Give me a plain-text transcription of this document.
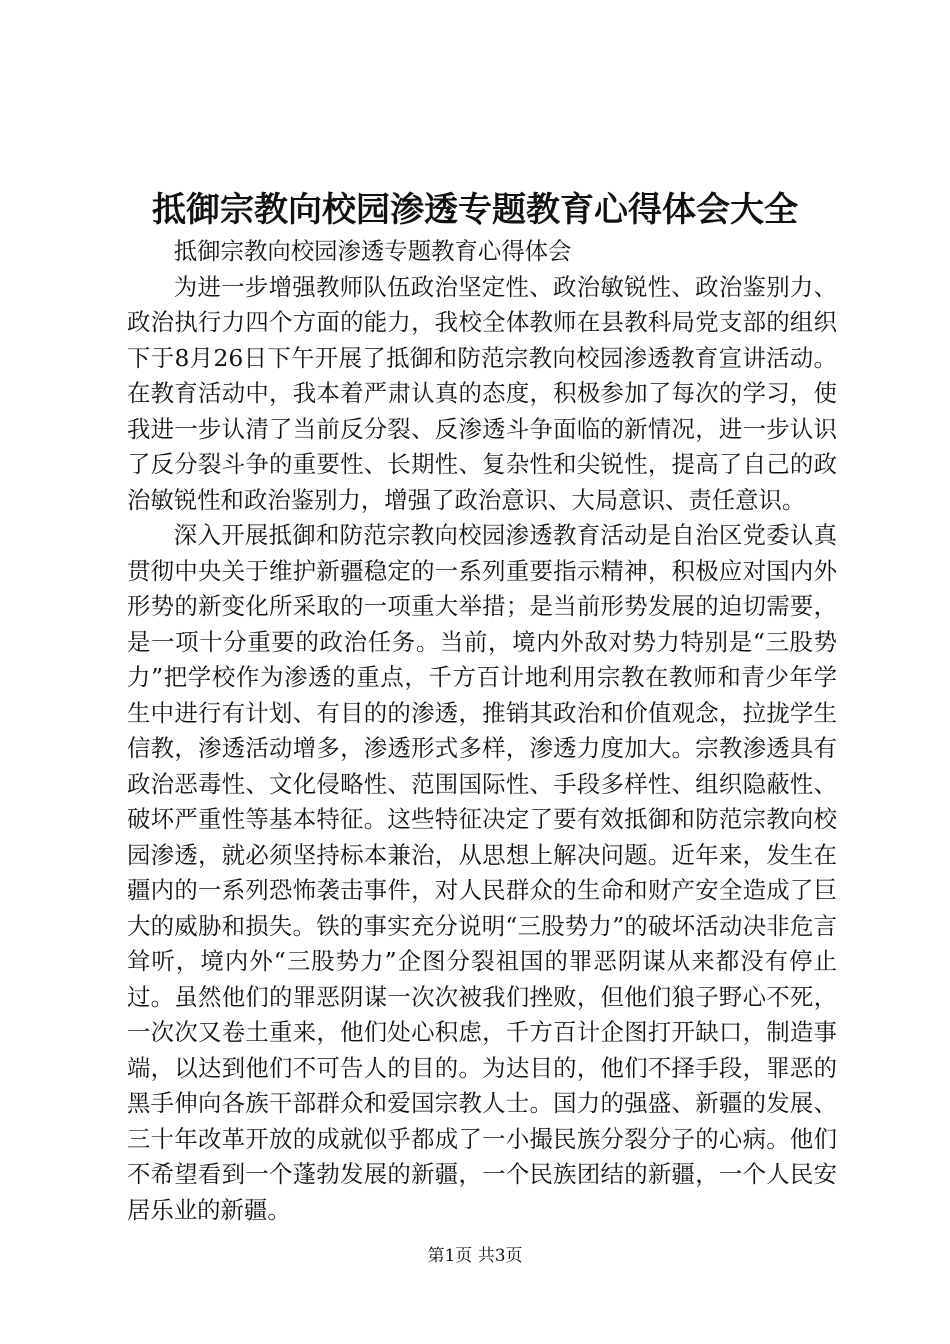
抵御宗教向校园渗透专题教育心得体会大全

抵御宗教向校园渗透专题教育心得体会

为进一步增强教师队伍政治坚定性、政治敏锐性、政治鉴别力、政治执行力四个方面的能力，我校全体教师在县教科局党支部的组织下于8月26日下午开展了抵御和防范宗教向校园渗透教育宣讲活动。在教育活动中，我本着严肃认真的态度，积极参加了每次的学习，使我进一步认清了当前反分裂、反渗透斗争面临的新情况，进一步认识了反分裂斗争的重要性、长期性、复杂性和尖锐性，提高了自己的政治敏锐性和政治鉴别力，增强了政治意识、大局意识、责任意识。

深入开展抵御和防范宗教向校园渗透教育活动是自治区党委认真贯彻中央关于维护新疆稳定的一系列重要指示精神，积极应对国内外形势的新变化所采取的一项重大举措；是当前形势发展的迫切需要，是一项十分重要的政治任务。当前，境内外敌对势力特别是“三股势力”把学校作为渗透的重点，千方百计地利用宗教在教师和青少年学生中进行有计划、有目的的渗透，推销其政治和价值观念，拉拢学生信教，渗透活动增多，渗透形式多样，渗透力度加大。宗教渗透具有政治恶毒性、文化侵略性、范围国际性、手段多样性、组织隐蔽性、破坏严重性等基本特征。这些特征决定了要有效抵御和防范宗教向校园渗透，就必须坚持标本兼治，从思想上解决问题。近年来，发生在疆内的一系列恐怖袭击事件，对人民群众的生命和财产安全造成了巨大的威胁和损失。铁的事实充分说明“三股势力”的破坏活动决非危言耸听，境内外“三股势力”企图分裂祖国的罪恶阴谋从来都没有停止过。虽然他们的罪恶阴谋一次次被我们挫败，但他们狼子野心不死，一次次又卷土重来，他们处心积虑，千方百计企图打开缺口，制造事端，以达到他们不可告人的目的。为达目的，他们不择手段，罪恶的黑手伸向各族干部群众和爱国宗教人士。国力的强盛、新疆的发展、三十年改革开放的成就似乎都成了一小撮民族分裂分子的心病。他们不希望看到一个蓬勃发展的新疆，一个民族团结的新疆，一个人民安居乐业的新疆。

第1页 共3页
